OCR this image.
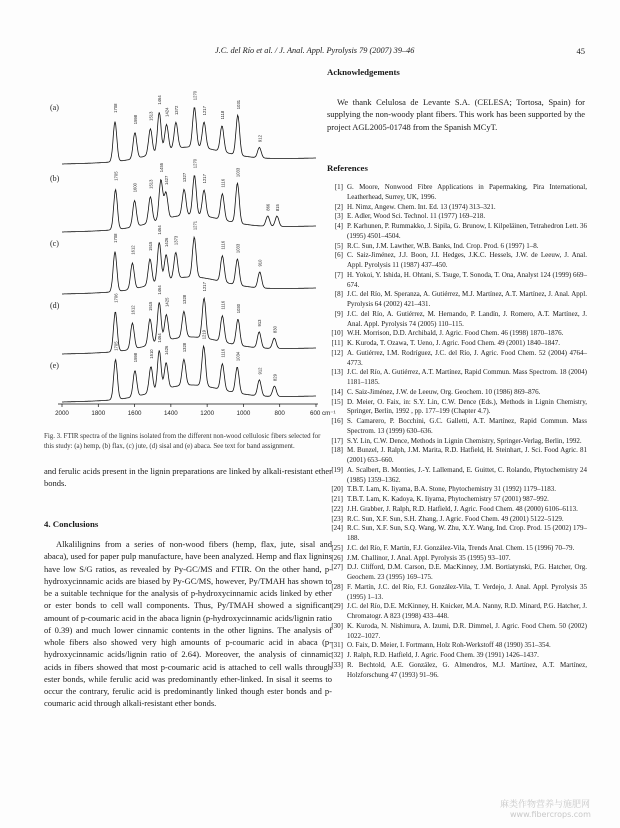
J.C. del Río et al. / J. Anal. Appl. Pyrolysis 79 (2007) 39–46	45
(a)
(b)
(c)
(d)
(e)
1708
1598 1513
1464
1424 1372
1270
1217	1118
1031
912
1705
1600	1513
1455
1427	1327
1270
1217	1116
1033
866 815
1708
1612	1515
1464
1426 1373
1271
1116 1033
910
1706
1612	1515
1464
1425	1328
1217
1116	1030
913
830
1705
1598	1510
1464
1426	1328
1219
1116 1034
912
829
2000	1800	1600	1400	1200	1000	800	600 cm⁻¹
Fig. 3. FTIR spectra of the lignins isolated from the different non-wood cellulosic fibers selected for this study: (a) hemp, (b) flax, (c) jute, (d) sisal and (e) abaca. See text for band assignment.
and ferulic acids present in the lignin preparations are linked by alkali-resistant ether bonds.
4. Conclusions

Alkalilignins from a series of non-wood fibers (hemp, flax, jute, sisal and abaca), used for paper pulp manufacture, have been analyzed. Hemp and flax lignins have low S/G ratios, as revealed by Py-GC/MS and FTIR. On the other hand, p-hydroxycinnamic acids are biased by Py-GC/MS, however, Py/TMAH has shown to be a suitable technique for the analysis of p-hydroxycinnamic acids linked by ether or ester bonds to cell wall components. Thus, Py/TMAH showed a significant amount of p-coumaric acid in the abaca lignin (p-hydroxycinnamic acids/lignin ratio of 0.39) and much lower cinnamic contents in the other lignins. The analysis of whole fibers also showed very high amounts of p-coumaric acid in abaca (p-hydroxycinnamic acids/lignin ratio of 2.64). Moreover, the analysis of cinnamic acids in fibers showed that most p-coumaric acid is attached to cell walls through ester bonds, while ferulic acid was predominantly ether-linked. In sisal it seems to occur the contrary, ferulic acid is predominantly linked though ester bonds and p-coumaric acid through alkali-resistant ether bonds.

Acknowledgements

We thank Celulosa de Levante S.A. (CELESA; Tortosa, Spain) for supplying the non-woody plant fibers. This work has been supported by the project AGL2005-01748 from the Spanish MCyT.

References
[1] G. Moore, Nonwood Fibre Applications in Papermaking, Pira International, Leatherhead, Surrey, UK, 1996.
[2] H. Nimz, Angew. Chem. Int. Ed. 13 (1974) 313–321.
[3] E. Adler, Wood Sci. Technol. 11 (1977) 169–218.
[4] P. Karhunen, P. Rummakko, J. Sipila, G. Brunow, I. Kilpeläinen, Tetrahedron Lett. 36 (1995) 4501–4504.
[5] R.C. Sun, J.M. Lawther, W.B. Banks, Ind. Crop. Prod. 6 (1997) 1–8.
[6] C. Saiz-Jiménez, J.J. Boon, J.I. Hedges, J.K.C. Hessels, J.W. de Leeuw, J. Anal. Appl. Pyrolysis 11 (1987) 437–450.
[7] H. Yokoi, Y. Ishida, H. Ohtani, S. Tsuge, T. Sonoda, T. Ona, Analyst 124 (1999) 669–674.
[8] J.C. del Río, M. Speranza, A. Gutiérrez, M.J. Martínez, A.T. Martínez, J. Anal. Appl. Pyrolysis 64 (2002) 421–431.
[9] J.C. del Río, A. Gutiérrez, M. Hernando, P. Landín, J. Romero, A.T. Martínez, J. Anal. Appl. Pyrolysis 74 (2005) 110–115.
[10] W.H. Morrison, D.D. Archibald, J. Agric. Food Chem. 46 (1998) 1870–1876.
[11] K. Kuroda, T. Ozawa, T. Ueno, J. Agric. Food Chem. 49 (2001) 1840–1847.
[12] A. Gutiérrez, I.M. Rodríguez, J.C. del Río, J. Agric. Food Chem. 52 (2004) 4764–4773.
[13] J.C. del Río, A. Gutiérrez, A.T. Martínez, Rapid Commun. Mass Spectrom. 18 (2004) 1181–1185.
[14] C. Saiz-Jiménez, J.W. de Leeuw, Org. Geochem. 10 (1986) 869–876.
[15] D. Meier, O. Faix, in: S.Y. Lin, C.W. Dence (Eds.), Methods in Lignin Chemistry, Springer, Berlin, 1992 , pp. 177–199 (Chapter 4.7).
[16] S. Camarero, P. Bocchini, G.C. Galletti, A.T. Martínez, Rapid Commun. Mass Spectrom. 13 (1999) 630–636.
[17] S.Y. Lin, C.W. Dence, Methods in Lignin Chemistry, Springer-Verlag, Berlin, 1992.
[18] M. Bunzel, J. Ralph, J.M. Marita, R.D. Hatfield, H. Steinhart, J. Sci. Food Agric. 81 (2001) 653–660.
[19] A. Scalbert, B. Monties, J.-Y. Lallemand, E. Guittet, C. Rolando, Phytochemistry 24 (1985) 1359–1362.
[20] T.B.T. Lam, K. Iiyama, B.A. Stone, Phytochemistry 31 (1992) 1179–1183.
[21] T.B.T. Lam, K. Kadoya, K. Iiyama, Phytochemistry 57 (2001) 987–992.
[22] J.H. Grabber, J. Ralph, R.D. Hatfield, J. Agric. Food Chem. 48 (2000) 6106–6113.
[23] R.C. Sun, X.F. Sun, S.H. Zhang, J. Agric. Food Chem. 49 (2001) 5122–5129.
[24] R.C. Sun, X.F. Sun, S.Q. Wang, W. Zhu, X.Y. Wang, Ind. Crop. Prod. 15 (2002) 179–188.
[25] J.C. del Río, F. Martín, F.J. González-Vila, Trends Anal. Chem. 15 (1996) 70–79.
[26] J.M. Challinor, J. Anal. Appl. Pyrolysis 35 (1995) 93–107.
[27] D.J. Clifford, D.M. Carson, D.E. MacKinney, J.M. Bortiatynski, P.G. Hatcher, Org. Geochem. 23 (1995) 169–175.
[28] F. Martín, J.C. del Río, F.J. González-Vila, T. Verdejo, J. Anal. Appl. Pyrolysis 35 (1995) 1–13.
[29] J.C. del Río, D.E. McKinney, H. Knicker, M.A. Nanny, R.D. Minard, P.G. Hatcher, J. Chromatogr. A 823 (1998) 433–448.
[30] K. Kuroda, N. Nishimura, A. Izumi, D.R. Dimmel, J. Agric. Food Chem. 50 (2002) 1022–1027.
[31] O. Faix, D. Meier, I. Fortmann, Holz Roh-Werkstoff 48 (1990) 351–354.
[32] J. Ralph, R.D. Hatfield, J. Agric. Food Chem. 39 (1991) 1426–1437.
[33] R. Bechtold, A.E. González, G. Almendros, M.J. Martínez, A.T. Martínez, Holzforschung 47 (1993) 91–96.
麻类作物营养与施肥网
www.fibercrops.com
